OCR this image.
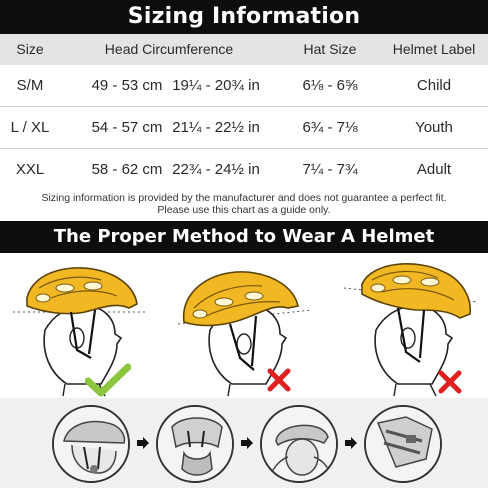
Sizing Information
Size	Head Circumference	Hat Size	Helmet Label
S/M	49 - 53 cm 19¼ - 20¾ in	6⅛ - 6⅝	Child
L / XL	54 - 57 cm 21¼ - 22½ in	6¾ - 7⅛	Youth
XXL	58 - 62 cm 22¾ - 24½ in	7¼ - 7¾	Adult
Sizing information is provided by the manufacturer and does not guarantee a perfect fit.
Please use this chart as a guide only.
The Proper Method to Wear A Helmet
